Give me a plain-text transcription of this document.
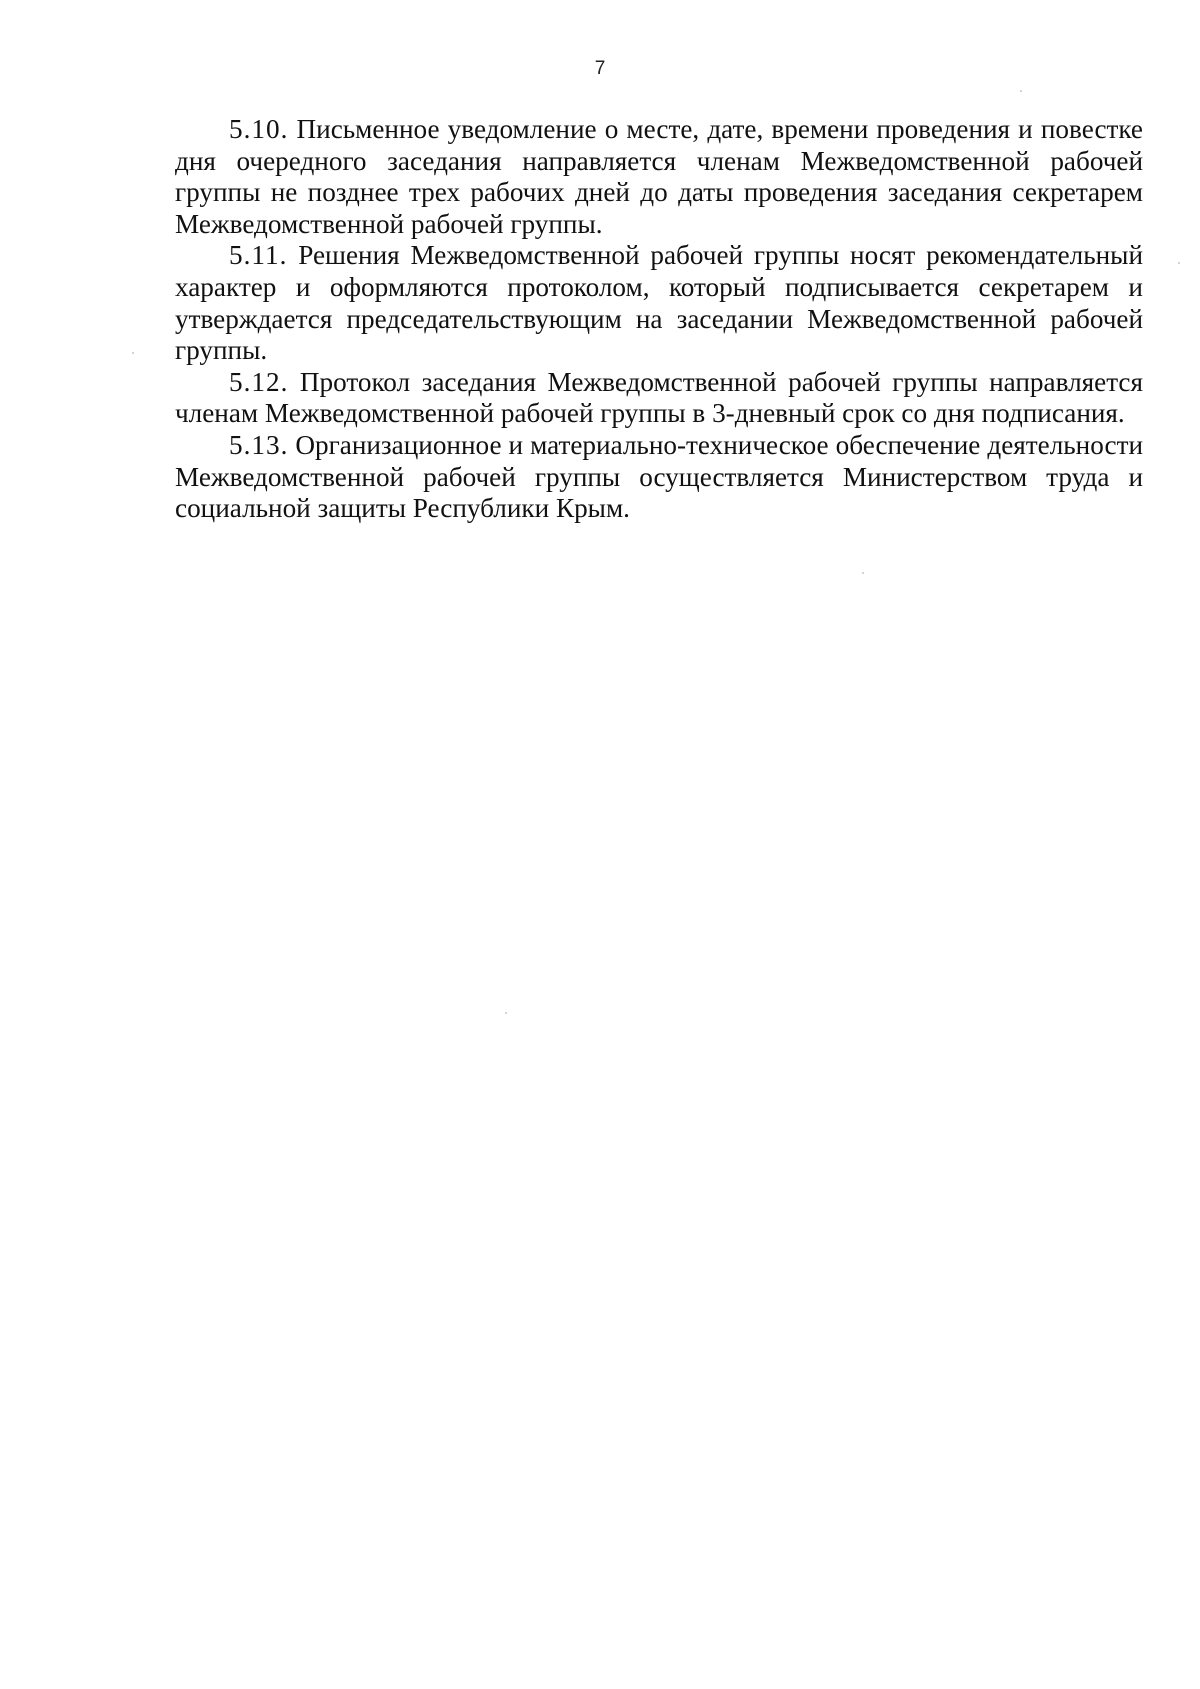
7

5.10. Письменное уведомление о месте, дате, времени проведения и повестке дня очередного заседания направляется членам Межведомственной рабочей группы не позднее трех рабочих дней до даты проведения заседания секретарем Межведомственной рабочей группы.

5.11. Решения Межведомственной рабочей группы носят рекомендательный характер и оформляются протоколом, который подписывается секретарем и утверждается председательствующим на заседании Межведомственной рабочей группы.

5.12. Протокол заседания Межведомственной рабочей группы направляется членам Межведомственной рабочей группы в 3-дневный срок со дня подписания.

5.13. Организационное и материально-техническое обеспечение деятельности Межведомственной рабочей группы осуществляется Министерством труда и социальной защиты Республики Крым.
